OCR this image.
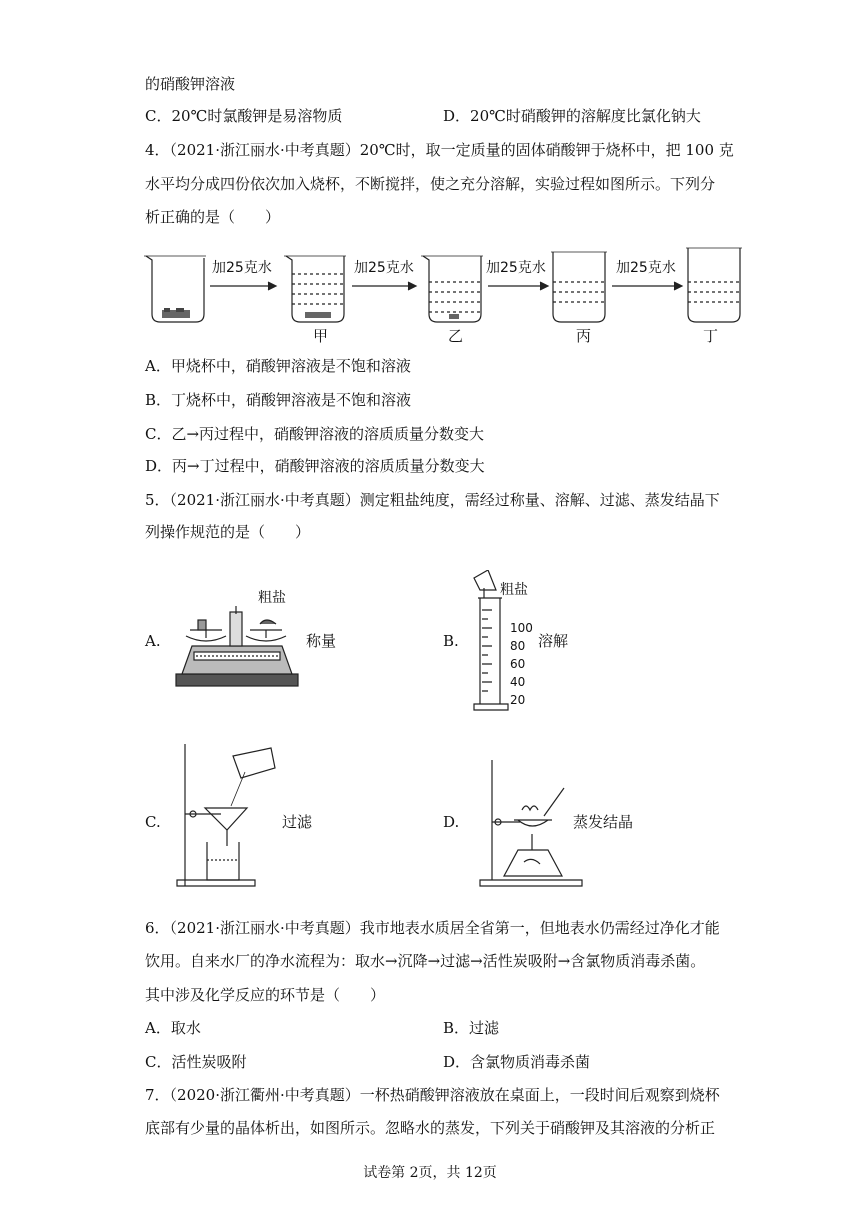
的硝酸钾溶液
C．20℃时氯酸钾是易溶物质	D．20℃时硝酸钾的溶解度比氯化钠大
4．（2021·浙江丽水·中考真题）20℃时，取一定质量的固体硝酸钾于烧杯中，把 100 克
水平均分成四份依次加入烧杯，不断搅拌，使之充分溶解，实验过程如图所示。下列分
析正确的是（　　）
加25克水	加25克水	加25克水	加25克水
甲	乙	丙	丁
A．甲烧杯中，硝酸钾溶液是不饱和溶液
B．丁烧杯中，硝酸钾溶液是不饱和溶液
C．乙→丙过程中，硝酸钾溶液的溶质质量分数变大
D．丙→丁过程中，硝酸钾溶液的溶质质量分数变大
5．（2021·浙江丽水·中考真题）测定粗盐纯度，需经过称量、溶解、过滤、蒸发结晶下
列操作规范的是（　　）
A.
粗盐
称量	B.
粗盐
100
80
60
40
20
溶解
C.	过滤	D.	蒸发结晶
6．（2021·浙江丽水·中考真题）我市地表水质居全省第一，但地表水仍需经过净化才能
饮用。自来水厂的净水流程为：取水→沉降→过滤→活性炭吸附→含氯物质消毒杀菌。
其中涉及化学反应的环节是（　　）
A．取水	B．过滤
C．活性炭吸附	D．含氯物质消毒杀菌
7．（2020·浙江衢州·中考真题）一杯热硝酸钾溶液放在桌面上，一段时间后观察到烧杯
底部有少量的晶体析出，如图所示。忽略水的蒸发，下列关于硝酸钾及其溶液的分析正
试卷第 2页，共 12页
